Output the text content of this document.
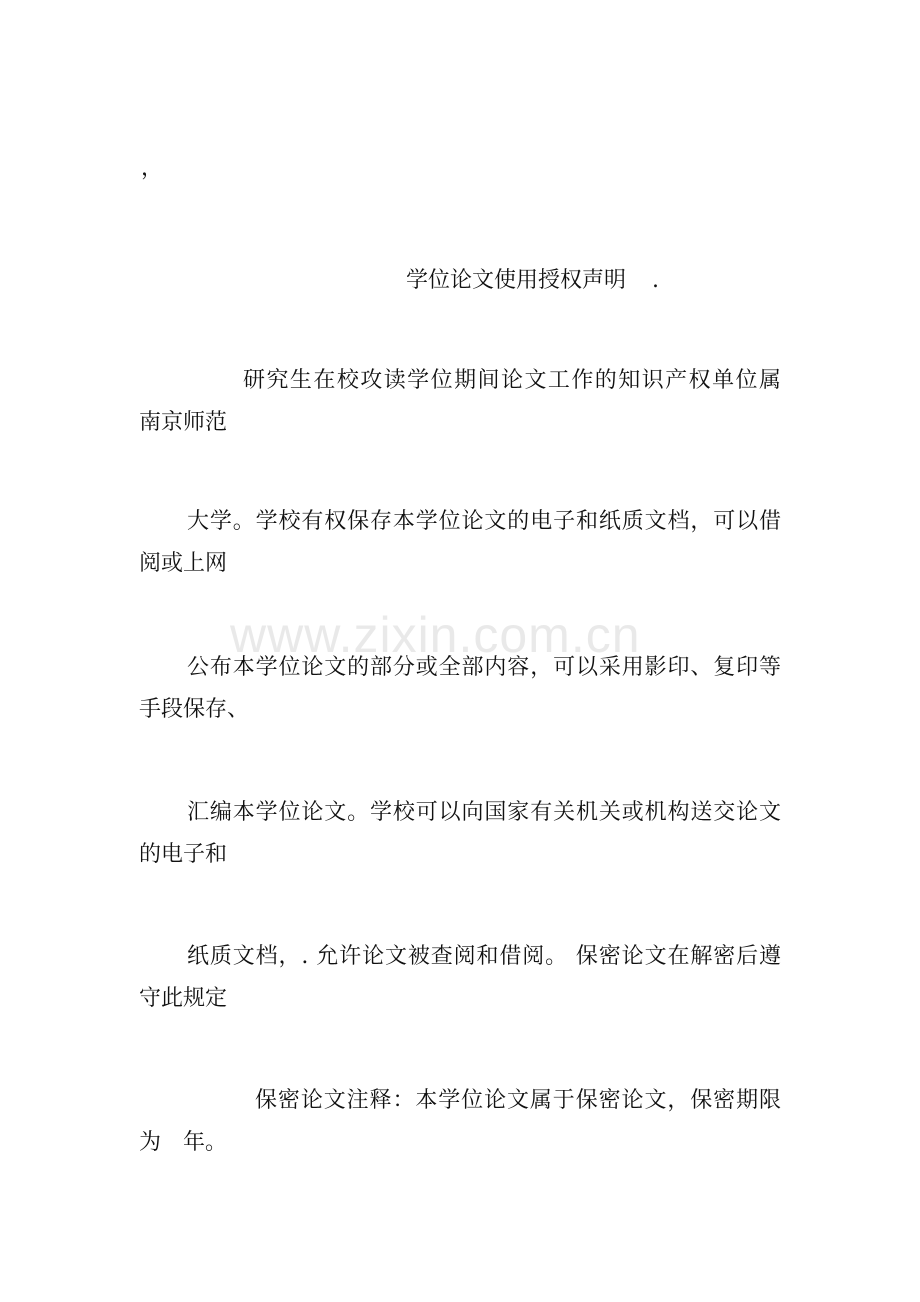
，
学位论文使用授权声明 .
研究生在校攻读学位期间论文工作的知识产权单位属
南京师范
大学。学校有权保存本学位论文的电子和纸质文档，可以借
阅或上网
公布本学位论文的部分或全部内容，可以采用影印、复印等
手段保存、
汇编本学位论文。学校可以向国家有关机关或机构送交论文
的电子和
纸质文档，. 允许论文被查阅和借阅。 保密论文在解密后遵
守此规定
保密论文注释：本学位论文属于保密论文，保密期限
为　年。
www.zixin.com.cn
